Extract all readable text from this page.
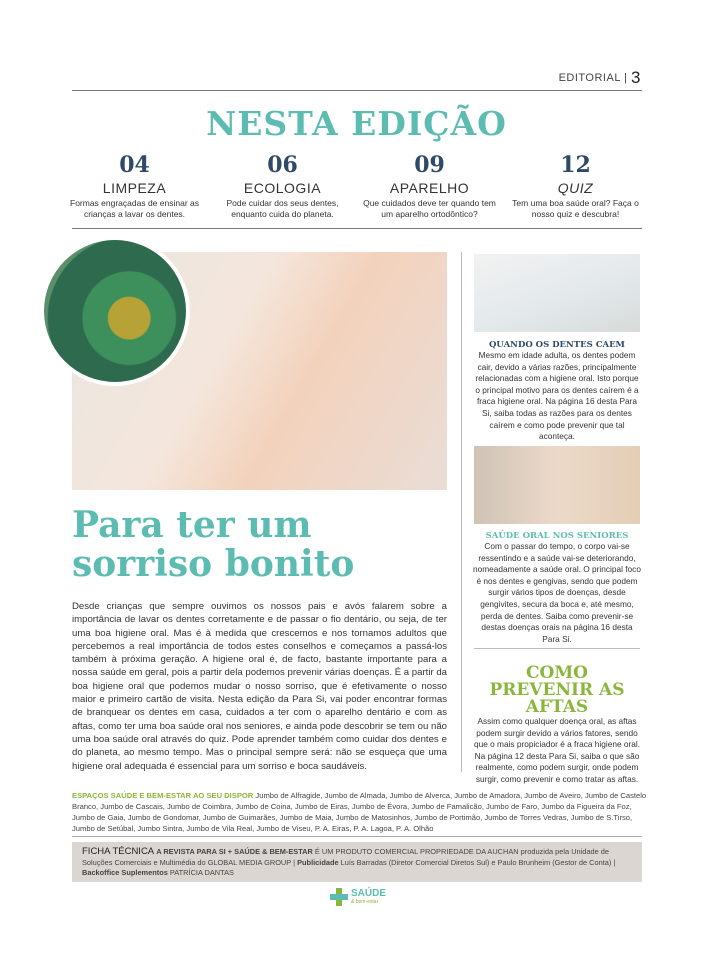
EDITORIAL | 3
NESTA EDIÇÃO
04
LIMPEZA
Formas engraçadas de ensinar as crianças a lavar os dentes.
06
ECOLOGIA
Pode cuidar dos seus dentes, enquanto cuida do planeta.
09
APARELHO
Que cuidados deve ter quando tem um aparelho ortodôntico?
12
QUIZ
Tem uma boa saúde oral? Faça o nosso quiz e descubra!
Para ter um sorriso bonito
Desde crianças que sempre ouvimos os nossos pais e avós falarem sobre a importância de lavar os dentes corretamente e de passar o fio dentário, ou seja, de ter uma boa higiene oral. Mas é à medida que crescemos e nos tornamos adultos que percebemos a real importância de todos estes conselhos e começamos a passá-los também à próxima geração. A higiene oral é, de facto, bastante importante para a nossa saúde em geral, pois a partir dela podemos prevenir várias doenças. É a partir da boa higiene oral que podemos mudar o nosso sorriso, que é efetivamente o nosso maior e primeiro cartão de visita. Nesta edição da Para Si, vai poder encontrar formas de branquear os dentes em casa, cuidados a ter com o aparelho dentário e com as aftas, como ter uma boa saúde oral nos seniores, e ainda pode descobrir se tem ou não uma boa saúde oral através do quiz. Pode aprender também como cuidar dos dentes e do planeta, ao mesmo tempo. Mas o principal sempre será: não se esqueça que uma higiene oral adequada é essencial para um sorriso e boca saudáveis.
QUANDO OS DENTES CAEM

Mesmo em idade adulta, os dentes podem cair, devido a várias razões, principalmente relacionadas com a higiene oral. Isto porque o principal motivo para os dentes caírem é a fraca higiene oral. Na página 16 desta Para Si, saiba todas as razões para os dentes caírem e como pode prevenir que tal aconteça.

SAÚDE ORAL NOS SENIORES

Com o passar do tempo, o corpo vai-se ressentindo e a saúde vai-se deteriorando, nomeadamente a saúde oral. O principal foco é nos dentes e gengivas, sendo que podem surgir vários tipos de doenças, desde gengivites, secura da boca e, até mesmo, perda de dentes. Saiba como prevenir-se destas doenças orais na página 16 desta Para Si.

COMO PREVENIR AS AFTAS

Assim como qualquer doença oral, as aftas podem surgir devido a vários fatores, sendo que o mais propiciador é a fraca higiene oral. Na página 12 desta Para Si, saiba o que são realmente, como podem surgir, onde podem surgir, como prevenir e como tratar as aftas.

ESPAÇOS SAÚDE E BEM-ESTAR AO SEU DISPOR Jumbo de Alfragide, Jumbo de Almada, Jumbo de Alverca, Jumbo de Amadora, Jumbo de Aveiro, Jumbo de Castelo Branco, Jumbo de Cascais, Jumbo de Coimbra, Jumbo de Coina, Jumbo de Eiras, Jumbo de Évora, Jumbo de Famalicão, Jumbo de Faro, Jumbo da Figueira da Foz, Jumbo de Gaia, Jumbo de Gondomar, Jumbo de Guimarães, Jumbo de Maia, Jumbo de Matosinhos, Jumbo de Portimão, Jumbo de Torres Vedras, Jumbo de S.Tirso, Jumbo de Setúbal, Jumbo Sintra, Jumbo de Vila Real, Jumbo de Viseu, P. A. Eiras, P. A. Lagoa, P. A. Olhão
FICHA TÉCNICA A REVISTA PARA SI + SAÚDE & BEM-ESTAR É UM PRODUTO COMERCIAL PROPRIEDADE DA AUCHAN produzida pela Unidade de Soluções Comerciais e Multimédia do GLOBAL MEDIA GROUP | Publicidade Luís Barradas (Diretor Comercial Diretos Sul) e Paulo Brunheim (Gestor de Conta) | Backoffice Suplementos PATRÍCIA DANTAS
SAÚDE
& bem-estar
